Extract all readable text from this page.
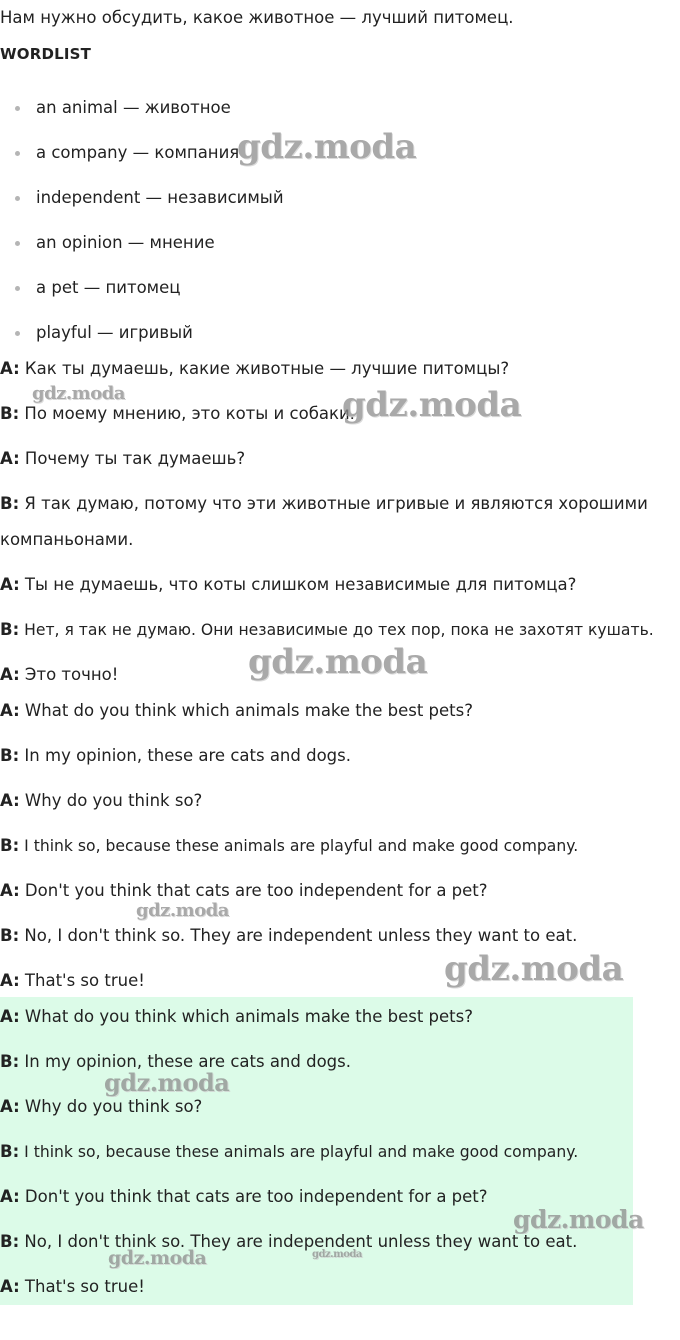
Нам нужно обсудить, какое животное — лучший питомец.
WORDLIST
an animal — животное
a company — компания
independent — независимый
an opinion — мнение
a pet — питомец
playful — игривый
A: Как ты думаешь, какие животные — лучшие питомцы?
B: По моему мнению, это коты и собаки.
A: Почему ты так думаешь?
B: Я так думаю, потому что эти животные игривые и являются хорошими
компаньонами.
A: Ты не думаешь, что коты слишком независимые для питомца?
B: Нет, я так не думаю. Они независимые до тех пор, пока не захотят кушать.
A: Это точно!
A: What do you think which animals make the best pets?
B: In my opinion, these are cats and dogs.
A: Why do you think so?
B: I think so, because these animals are playful and make good company.
A: Don't you think that cats are too independent for a pet?
B: No, I don't think so. They are independent unless they want to eat.
A: That's so true!
A: What do you think which animals make the best pets?
B: In my opinion, these are cats and dogs.
A: Why do you think so?
B: I think so, because these animals are playful and make good company.
A: Don't you think that cats are too independent for a pet?
B: No, I don't think so. They are independent unless they want to eat.
A: That's so true!
gdz.moda
gdz.moda	gdz.moda
gdz.moda
gdz.moda
gdz.moda
gdz.moda
gdz.moda
gdz.moda	gdz.moda
